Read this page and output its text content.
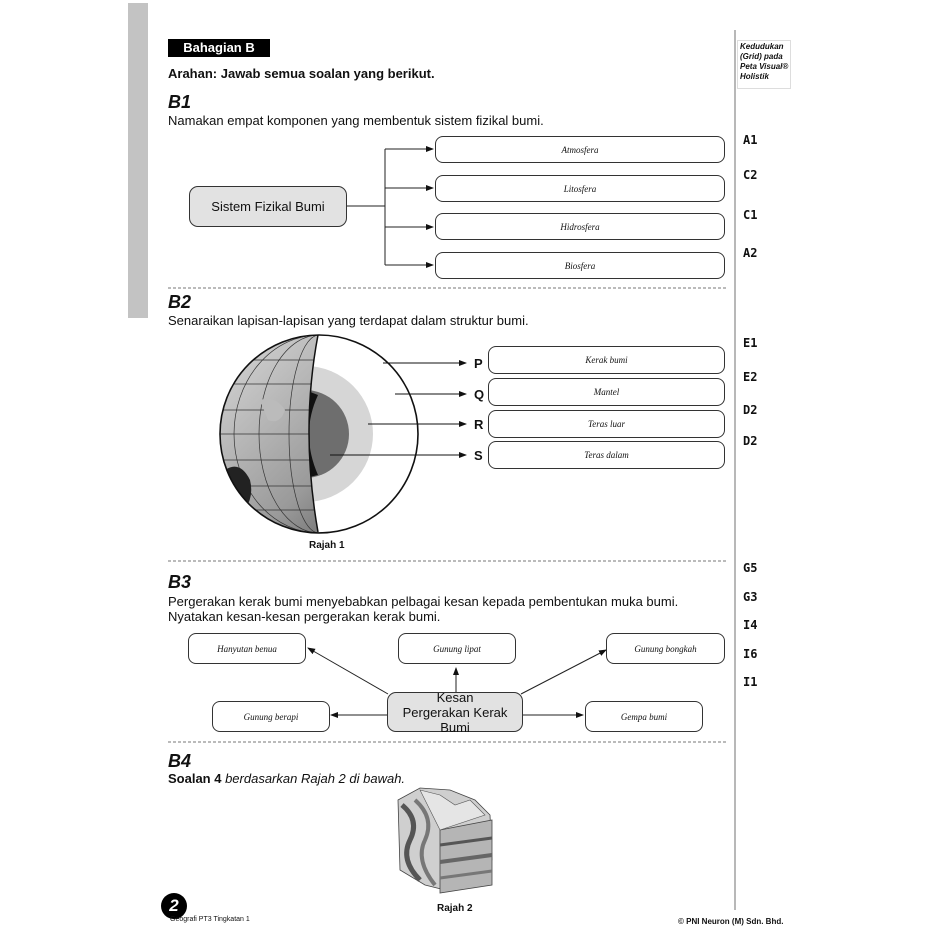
Bahagian B
Arahan: Jawab semua soalan yang berikut.
Kedudukan
(Grid) pada
Peta Visual®
Holistik
B1
Namakan empat komponen yang membentuk sistem fizikal bumi.
Sistem Fizikal Bumi
Atmosfera
Litosfera
Hidrosfera
Biosfera
A1
C2
C1
A2
B2
Senaraikan lapisan-lapisan yang terdapat dalam struktur bumi.
P
Q
R
S
Kerak bumi
Mantel
Teras luar
Teras dalam
Rajah 1
E1
E2
D2
D2
B3
Pergerakan kerak bumi menyebabkan pelbagai kesan kepada pembentukan muka bumi.
Nyatakan kesan-kesan pergerakan kerak bumi.
Hanyutan benua	Gunung lipat	Gunung bongkah
Gunung berapi	Gempa bumi
Kesan Pergerakan Kerak Bumi
G5
G3
I4
I6
I1
B4
Soalan 4 berdasarkan Rajah 2 di bawah.
Rajah 2
2
Geografi PT3 Tingkatan 1	© PNI Neuron (M) Sdn. Bhd.
